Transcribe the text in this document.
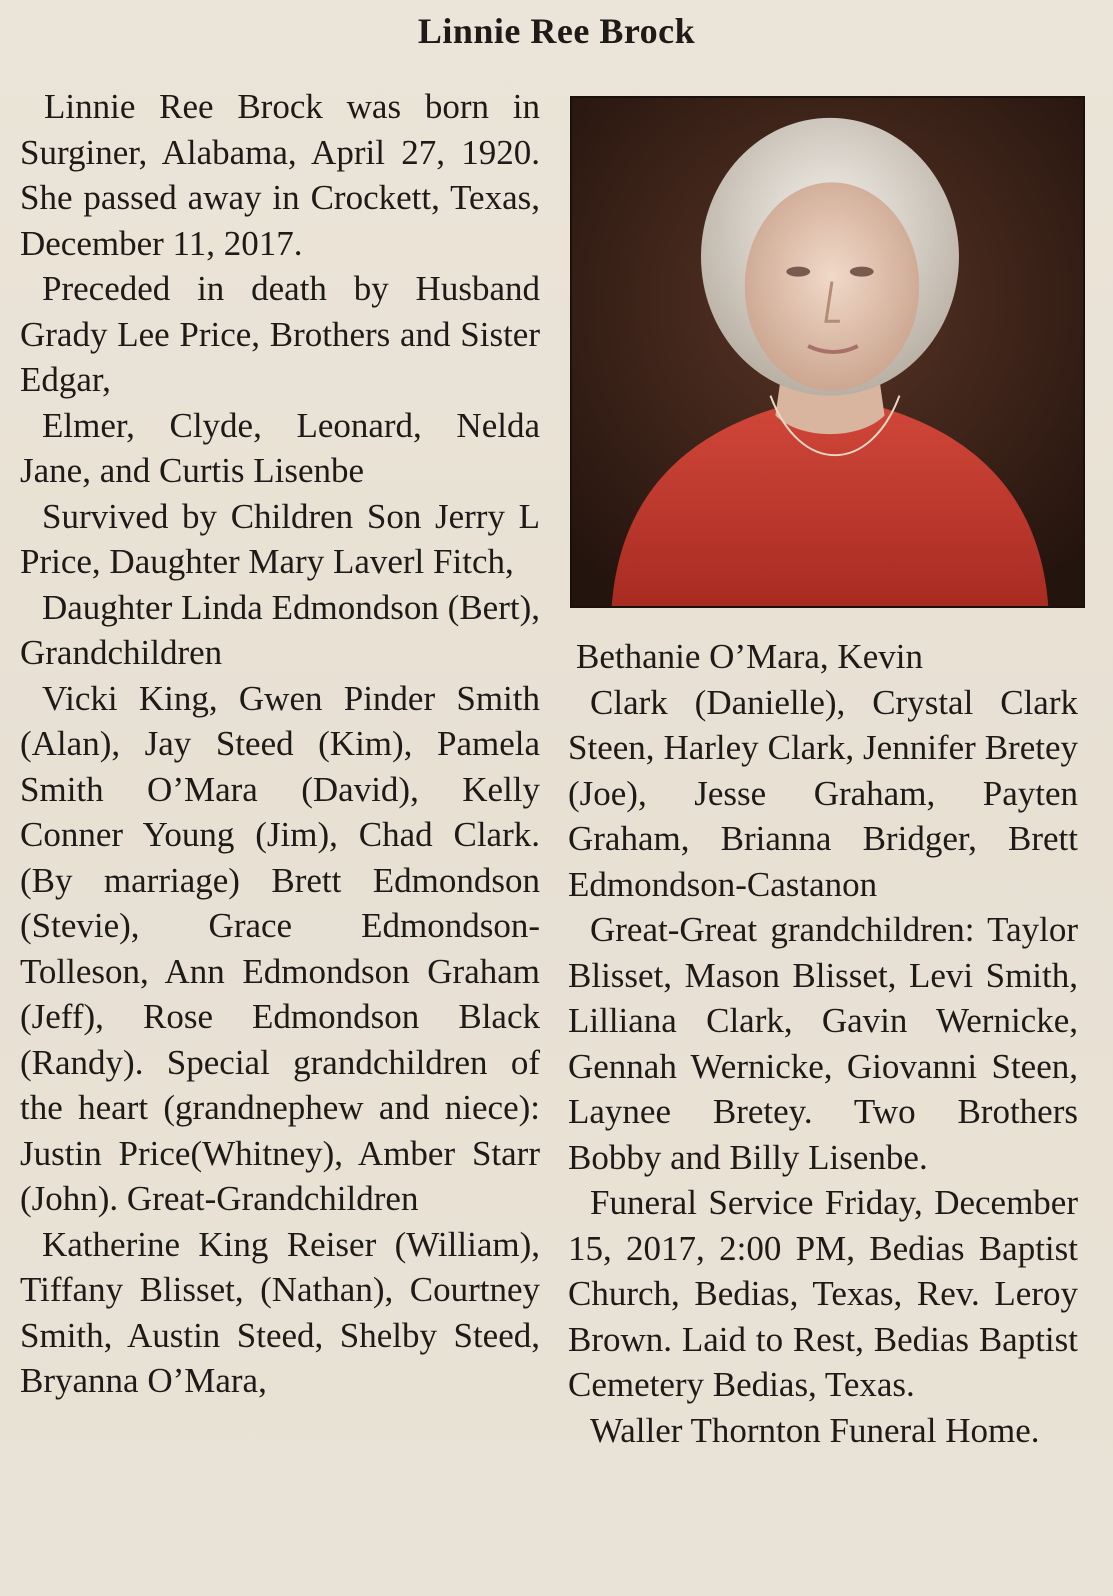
Linnie Ree Brock

Linnie Ree Brock was born in Surginer, Alabama, April 27, 1920. She passed away in Crockett, Texas, December 11, 2017.

Preceded in death by Husband Grady Lee Price, Brothers and Sister Edgar,

Elmer, Clyde, Leonard, Nelda Jane, and Curtis Lisenbe

Survived by Children Son Jerry L Price, Daughter Mary Laverl Fitch,

Daughter Linda Edmondson (Bert), Grandchildren

Vicki King, Gwen Pinder Smith (Alan), Jay Steed (Kim), Pamela Smith O’Mara (David), Kelly Conner Young (Jim), Chad Clark. (By marriage) Brett Edmondson (Stevie), Grace Edmondson-Tolleson, Ann Edmondson Graham (Jeff), Rose Edmondson Black (Randy). Special grandchildren of the heart (grandnephew and niece): Justin Price(Whitney), Amber Starr (John). Great-Grandchildren

Katherine King Reiser (William), Tiffany Blisset, (Nathan), Courtney Smith, Austin Steed, Shelby Steed, Bryanna O’Mara,

Bethanie O’Mara, Kevin

Clark (Danielle), Crystal Clark Steen, Harley Clark, Jennifer Bretey (Joe), Jesse Graham, Payten Graham, Brianna Bridger, Brett Edmondson-Castanon

Great-Great grandchildren: Taylor Blisset, Mason Blisset, Levi Smith, Lilliana Clark, Gavin Wernicke, Gennah Wernicke, Giovanni Steen, Laynee Bretey. Two Brothers Bobby and Billy Lisenbe.

Funeral Service Friday, December 15, 2017, 2:00 PM, Bedias Baptist Church, Bedias, Texas, Rev. Leroy Brown. Laid to Rest, Bedias Baptist Cemetery Bedias, Texas.

Waller Thornton Funeral Home.
